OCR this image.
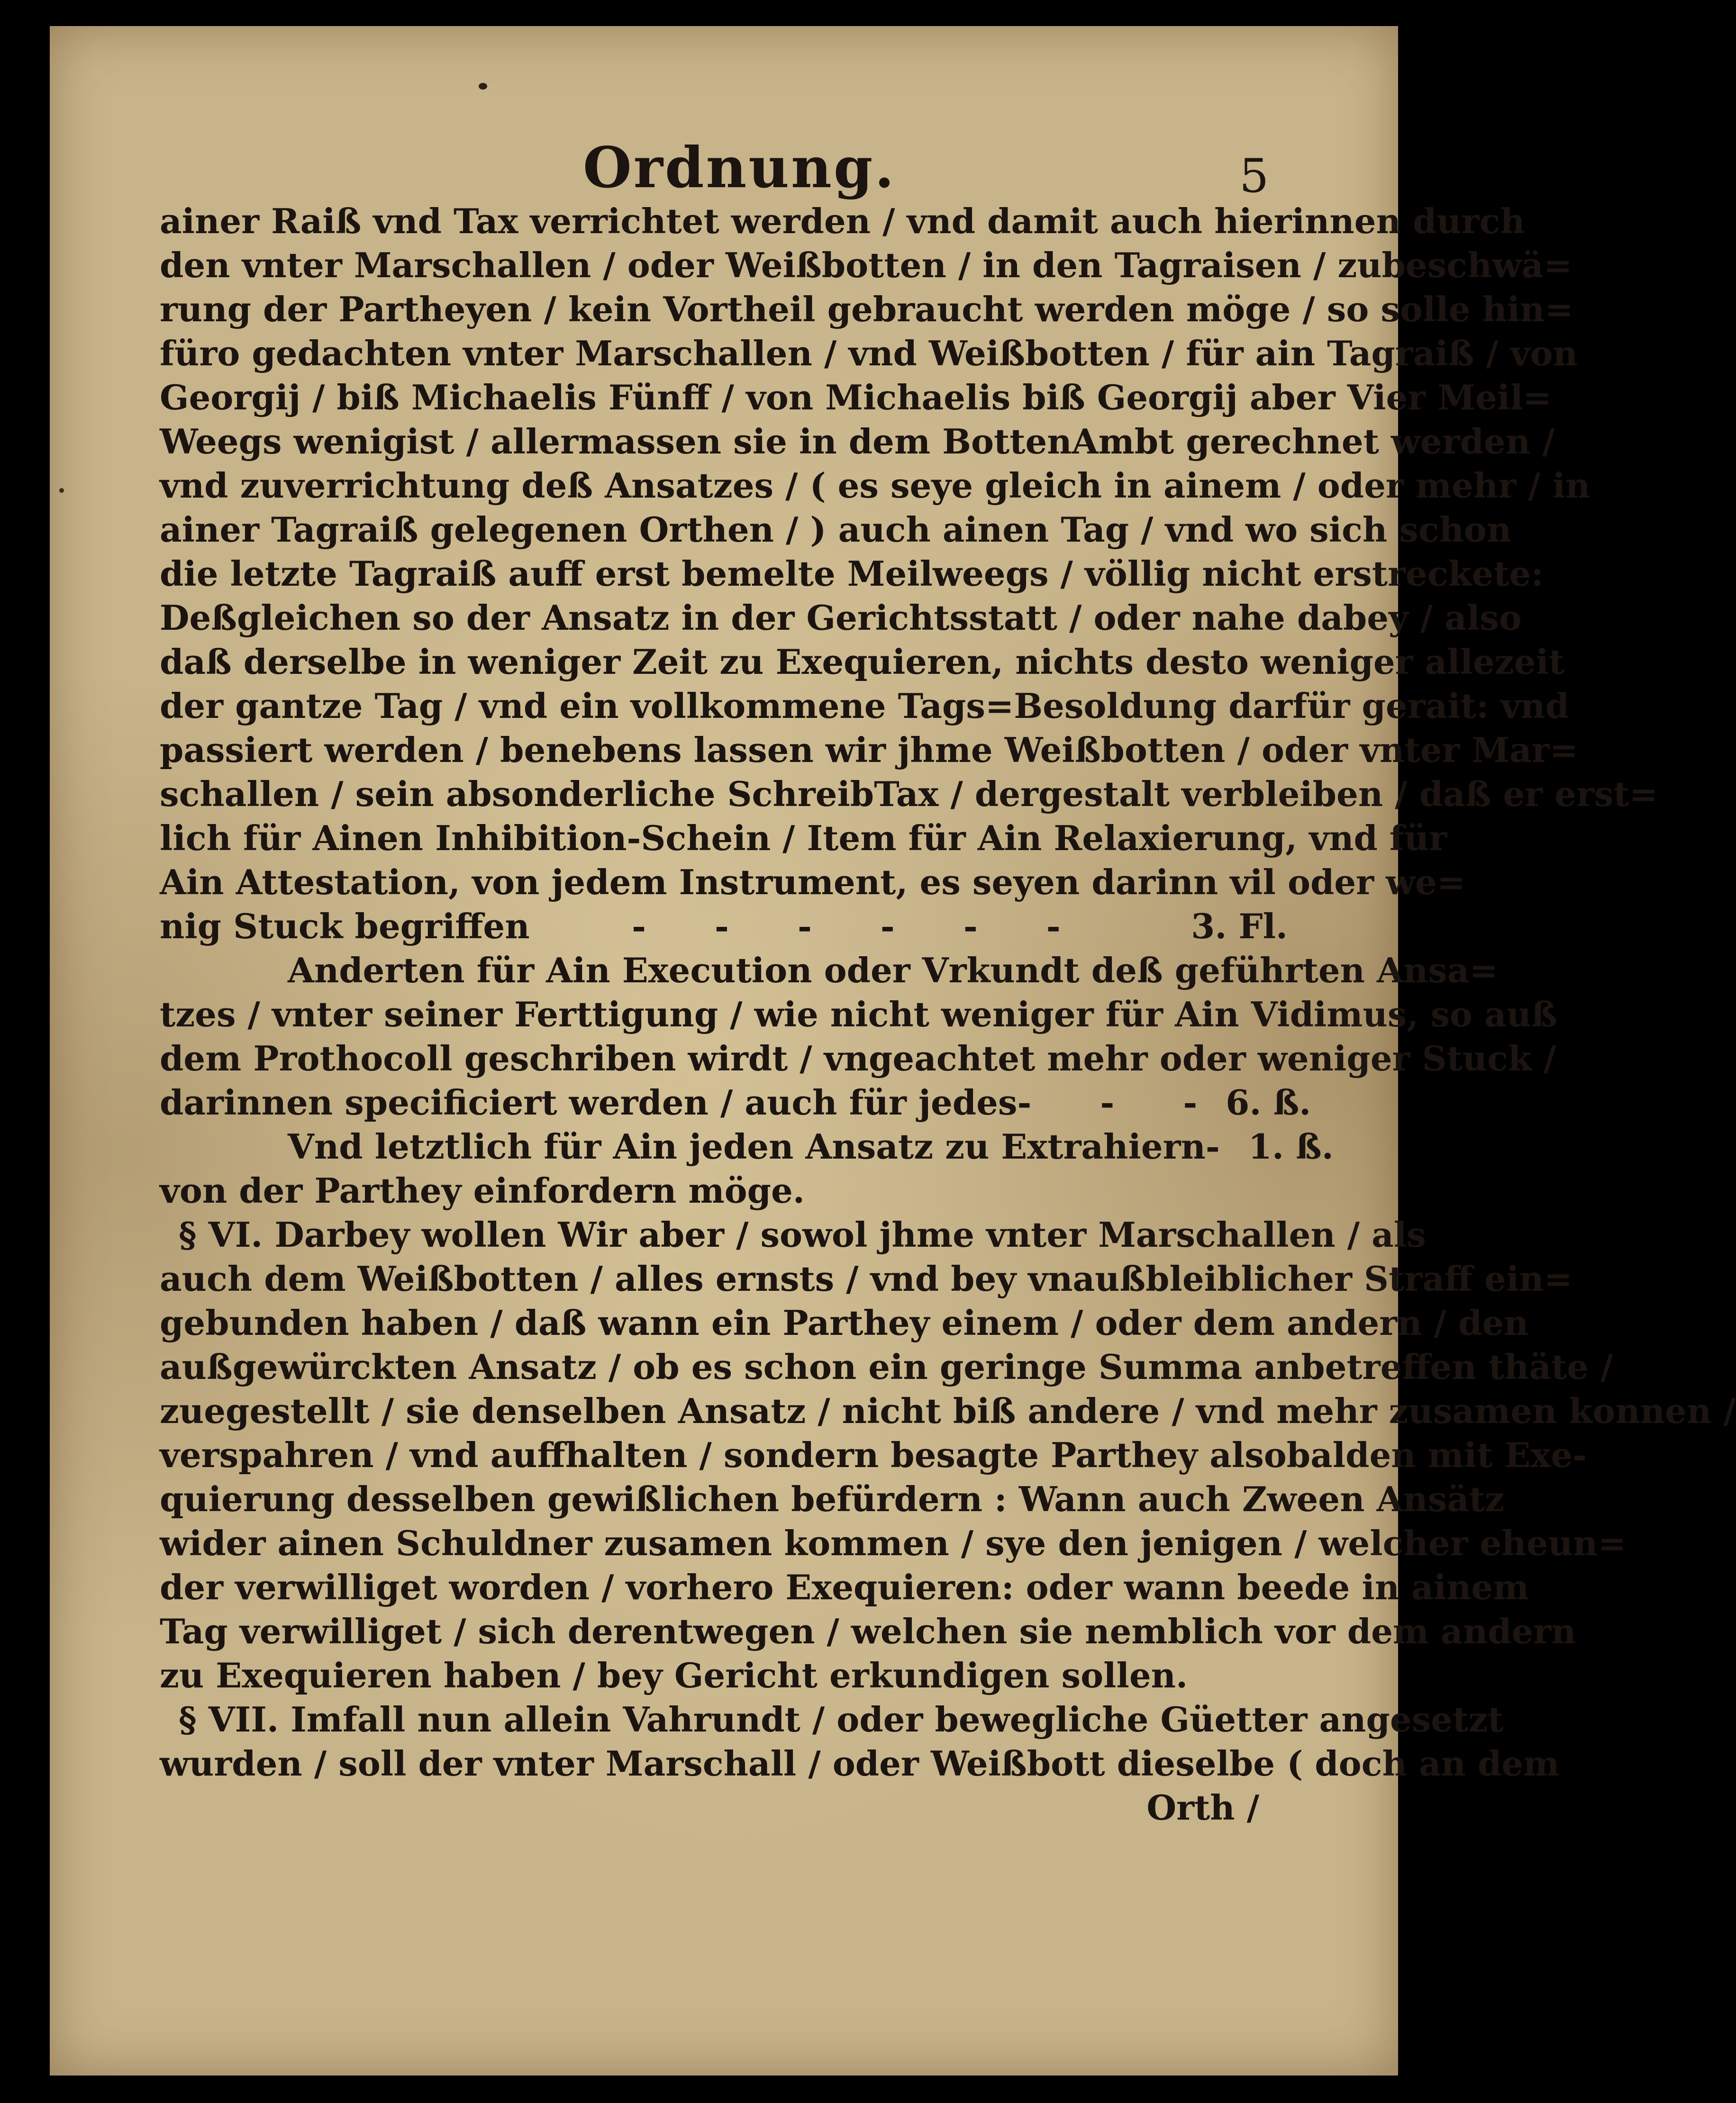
Ordnung.	5
ainer Raiß vnd Tax verrichtet werden / vnd damit auch hierinnen durch
den vnter Marschallen / oder Weißbotten / in den Tagraisen / zubeschwä=
rung der Partheyen / kein Vortheil gebraucht werden möge / so solle hin=
füro gedachten vnter Marschallen / vnd Weißbotten / für ain Tagraiß / von
Georgij / biß Michaelis Fünff / von Michaelis biß Georgij aber Vier Meil=
Weegs wenigist / allermassen sie in dem BottenAmbt gerechnet werden /
vnd zuverrichtung deß Ansatzes / ( es seye gleich in ainem / oder mehr / in
ainer Tagraiß gelegenen Orthen / ) auch ainen Tag / vnd wo sich schon
die letzte Tagraiß auff erst bemelte Meilweegs / völlig nicht erstreckete:
Deßgleichen so der Ansatz in der Gerichtsstatt / oder nahe dabey / also
daß derselbe in weniger Zeit zu Exequieren, nichts desto weniger allezeit
der gantze Tag / vnd ein vollkommene Tags=Besoldung darfür gerait: vnd
passiert werden / benebens lassen wir jhme Weißbotten / oder vnter Mar=
schallen / sein absonderliche SchreibTax / dergestalt verbleiben / daß er erst=
lich für Ainen Inhibition-Schein / Item für Ain Relaxierung, vnd für
Ain Attestation, von jedem Instrument, es seyen darinn vil oder we=
nig Stuck begriffen	- - - - - -	3. Fl.
Anderten für Ain Execution oder Vrkundt deß geführten Ansa=
tzes / vnter seiner Ferttigung / wie nicht weniger für Ain Vidimus, so auß
dem Prothocoll geschriben wirdt / vngeachtet mehr oder weniger Stuck /
darinnen specificiert werden / auch für jedes - - - 6. ß.
Vnd letztlich für Ain jeden Ansatz zu Extrahiern - 1. ß.
von der Parthey einfordern möge.
§ VI. Darbey wollen Wir aber / sowol jhme vnter Marschallen / als
auch dem Weißbotten / alles ernsts / vnd bey vnaußbleiblicher Straff ein=
gebunden haben / daß wann ein Parthey einem / oder dem andern / den
außgewürckten Ansatz / ob es schon ein geringe Summa anbetreffen thäte /
zuegestellt / sie denselben Ansatz / nicht biß andere / vnd mehr zusamen konnen /
verspahren / vnd auffhalten / sondern besagte Parthey alsobalden mit Exe-
quierung desselben gewißlichen befürdern : Wann auch Zween Ansätz
wider ainen Schuldner zusamen kommen / sye den jenigen / welcher eheun=
der verwilliget worden / vorhero Exequieren: oder wann beede in ainem
Tag verwilliget / sich derentwegen / welchen sie nemblich vor dem andern
zu Exequieren haben / bey Gericht erkundigen sollen.
§ VII. Imfall nun allein Vahrundt / oder bewegliche Güetter angesetzt
wurden / soll der vnter Marschall / oder Weißbott dieselbe ( doch an dem
Orth /
